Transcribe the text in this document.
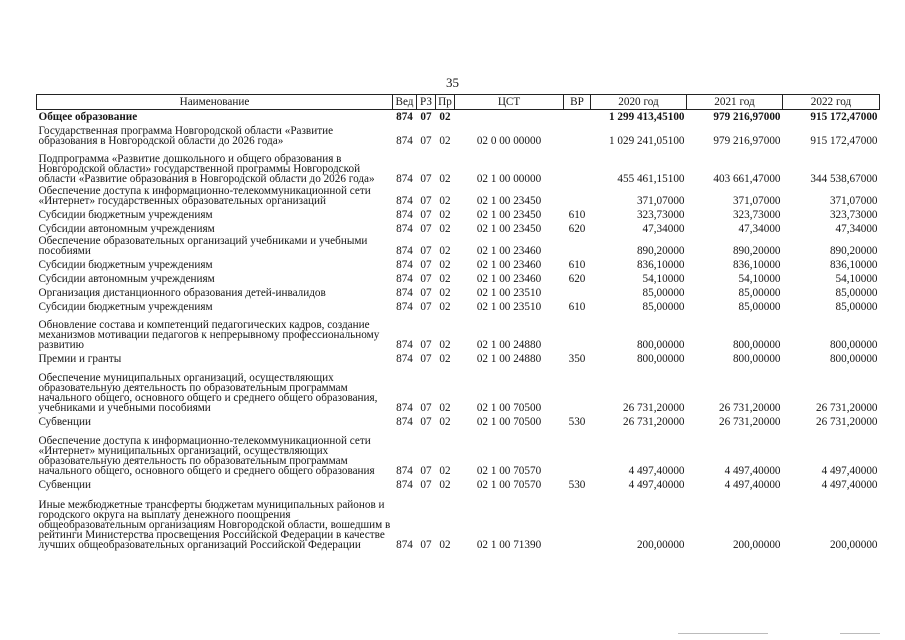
35
Наименование	Вед	РЗ	Пр	ЦСТ	ВР	2020 год	2021 год	2022 год
Общее образование	874	07	02			1 299 413,45100	979 216,97000	915 172,47000
Государственная программа Новгородской области «Развитие образования в Новгородской области до 2026 года»	874	07	02	02 0 00 00000		1 029 241,05100	979 216,97000	915 172,47000
Подпрограмма «Развитие дошкольного и общего образования в Новгородской области» государственной программы Новгородской области «Развитие образования в Новгородской области до 2026 года»	874	07	02	02 1 00 00000		455 461,15100	403 661,47000	344 538,67000
Обеспечение доступа к информационно-телекоммуникационной сети «Интернет» государственных образовательных организаций	874	07	02	02 1 00 23450		371,07000	371,07000	371,07000
Субсидии бюджетным учреждениям	874	07	02	02 1 00 23450	610	323,73000	323,73000	323,73000
Субсидии автономным учреждениям	874	07	02	02 1 00 23450	620	47,34000	47,34000	47,34000
Обеспечение образовательных организаций учебниками и учебными пособиями	874	07	02	02 1 00 23460		890,20000	890,20000	890,20000
Субсидии бюджетным учреждениям	874	07	02	02 1 00 23460	610	836,10000	836,10000	836,10000
Субсидии автономным учреждениям	874	07	02	02 1 00 23460	620	54,10000	54,10000	54,10000
Организация дистанционного образования детей-инвалидов	874	07	02	02 1 00 23510		85,00000	85,00000	85,00000
Субсидии бюджетным учреждениям	874	07	02	02 1 00 23510	610	85,00000	85,00000	85,00000
Обновление состава и компетенций педагогических кадров, создание механизмов мотивации педагогов к непрерывному профессиональному развитию	874	07	02	02 1 00 24880		800,00000	800,00000	800,00000
Премии и гранты	874	07	02	02 1 00 24880	350	800,00000	800,00000	800,00000
Обеспечение муниципальных организаций, осуществляющих образовательную деятельность по образовательным программам начального общего, основного общего и среднего общего образования, учебниками и учебными пособиями	874	07	02	02 1 00 70500		26 731,20000	26 731,20000	26 731,20000
Субвенции	874	07	02	02 1 00 70500	530	26 731,20000	26 731,20000	26 731,20000
Обеспечение доступа к информационно-телекоммуникационной сети «Интернет» муниципальных организаций, осуществляющих образовательную деятельность по образовательным программам начального общего, основного общего и среднего общего образования	874	07	02	02 1 00 70570		4 497,40000	4 497,40000	4 497,40000
Субвенции	874	07	02	02 1 00 70570	530	4 497,40000	4 497,40000	4 497,40000
Иные межбюджетные трансферты бюджетам муниципальных районов и городского округа на выплату денежного поощрения общеобразовательным организациям Новгородской области, вошедшим в рейтинги Министерства просвещения Российской Федерации в качестве лучших общеобразовательных организаций Российской Федерации	874	07	02	02 1 00 71390		200,00000	200,00000	200,00000
